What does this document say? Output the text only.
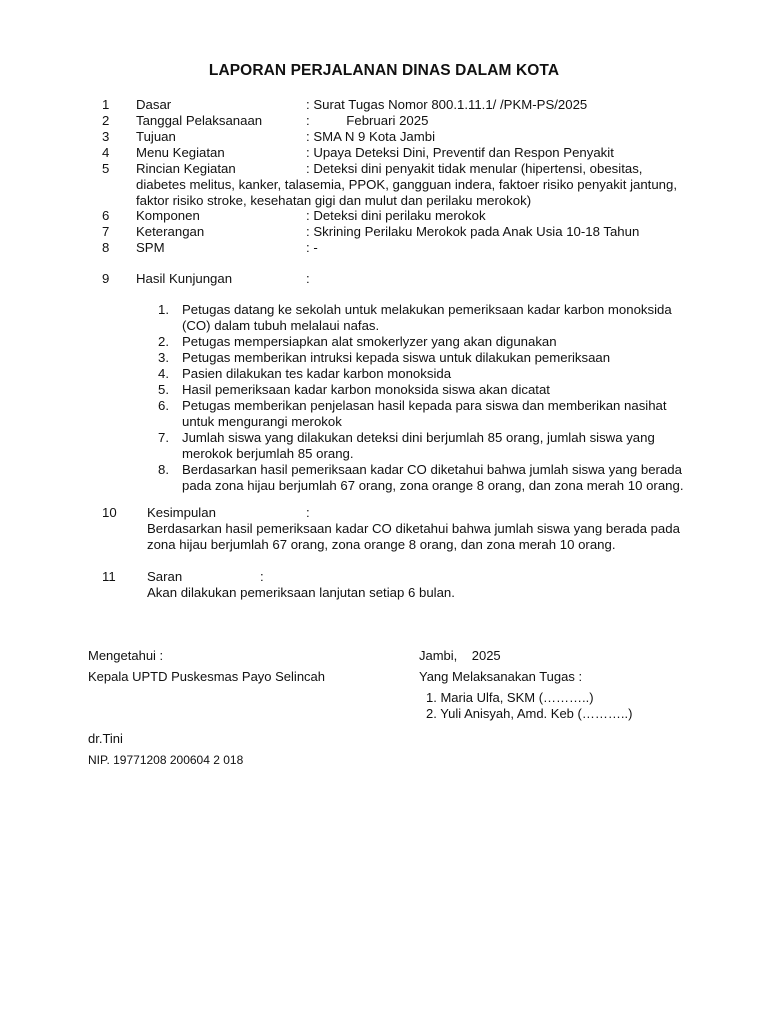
LAPORAN PERJALANAN DINAS DALAM KOTA
1	Dasar	: Surat Tugas Nomor 800.1.11.1/ /PKM-PS/2025
2	Tanggal Pelaksanaan	:          Februari 2025
3	Tujuan	: SMA N 9 Kota Jambi
4	Menu Kegiatan	: Upaya Deteksi Dini, Preventif dan Respon Penyakit
5	Rincian Kegiatan	: Deteksi dini penyakit tidak menular (hipertensi, obesitas,
diabetes melitus, kanker, talasemia, PPOK, gangguan indera, faktoer risiko penyakit jantung,
faktor risiko stroke, kesehatan gigi dan mulut dan perilaku merokok)
6	Komponen	: Deteksi dini perilaku merokok
7	Keterangan	: Skrining Perilaku Merokok pada Anak Usia 10-18 Tahun
8	SPM	: -
9	Hasil Kunjungan	:
1. Petugas datang ke sekolah untuk melakukan pemeriksaan kadar karbon monoksida
(CO) dalam tubuh melalaui nafas.
2. Petugas mempersiapkan alat smokerlyzer yang akan digunakan
3. Petugas memberikan intruksi kepada siswa untuk dilakukan pemeriksaan
4. Pasien dilakukan tes kadar karbon monoksida
5. Hasil pemeriksaan kadar karbon monoksida siswa akan dicatat
6. Petugas memberikan penjelasan hasil kepada para siswa dan memberikan nasihat
untuk mengurangi merokok
7. Jumlah siswa yang dilakukan deteksi dini berjumlah 85 orang, jumlah siswa yang
merokok berjumlah 85 orang.
8. Berdasarkan hasil pemeriksaan kadar CO diketahui bahwa jumlah siswa yang berada
pada zona hijau berjumlah 67 orang, zona orange 8 orang, dan zona merah 10 orang.
10 Kesimpulan	:
Berdasarkan hasil pemeriksaan kadar CO diketahui bahwa jumlah siswa yang berada pada
zona hijau berjumlah 67 orang, zona orange 8 orang, dan zona merah 10 orang.
11 Saran	:
Akan dilakukan pemeriksaan lanjutan setiap 6 bulan.
Mengetahui :
Kepala UPTD Puskesmas Payo Selincah
dr.Tini
NIP. 19771208 200604 2 018
Jambi,    2025
Yang Melaksanakan Tugas :
1. Maria Ulfa, SKM (………..)
2. Yuli Anisyah, Amd. Keb (………..)
